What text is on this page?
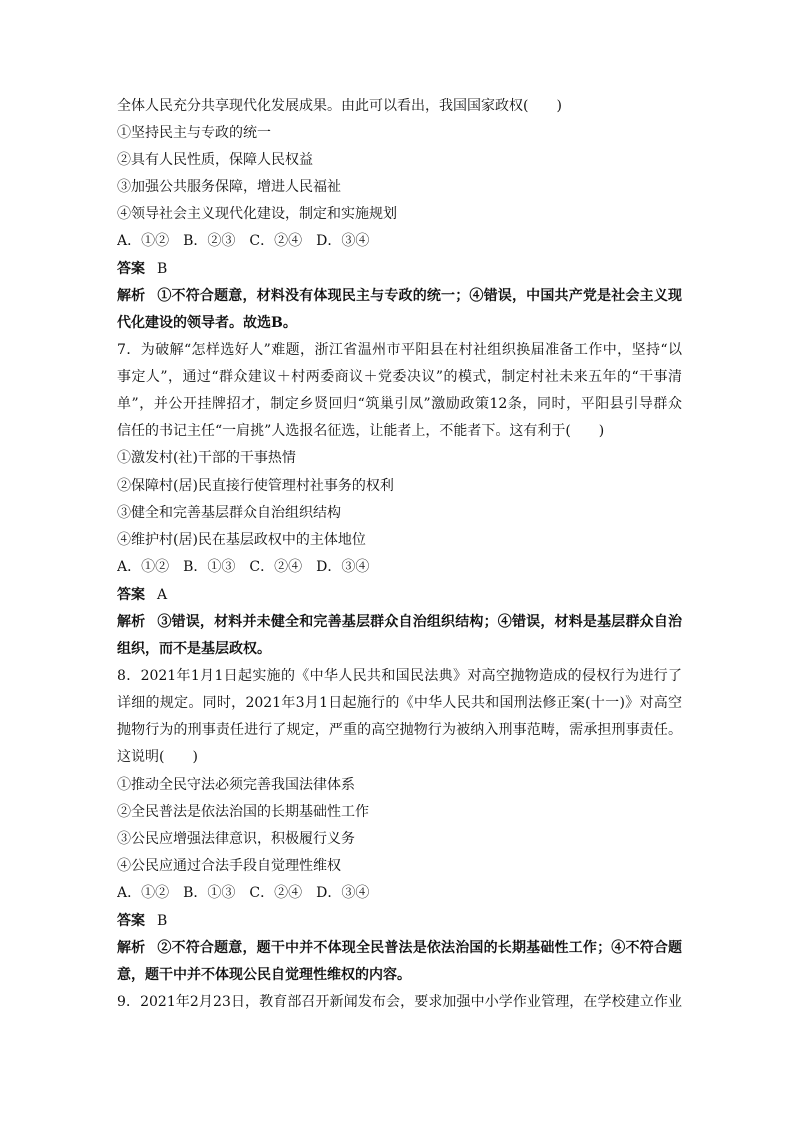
全体人民充分共享现代化发展成果。由此可以看出，我国国家政权(　　)
①坚持民主与专政的统一
②具有人民性质，保障人民权益
③加强公共服务保障，增进人民福祉
④领导社会主义现代化建设，制定和实施规划
A．①②　B．②③　C．②④　D．③④
答案 B
解析 ①不符合题意，材料没有体现民主与专政的统一；④错误，中国共产党是社会主义现
代化建设的领导者。故选B。
7．为破解“怎样选好人”难题，浙江省温州市平阳县在村社组织换届准备工作中，坚持“以
事定人”，通过“群众建议＋村两委商议＋党委决议”的模式，制定村社未来五年的“干事清
单”，并公开挂牌招才，制定乡贤回归“筑巢引凤”激励政策12条，同时，平阳县引导群众
信任的书记主任“一肩挑”人选报名征选，让能者上，不能者下。这有利于(　　)
①激发村(社)干部的干事热情
②保障村(居)民直接行使管理村社事务的权利
③健全和完善基层群众自治组织结构
④维护村(居)民在基层政权中的主体地位
A．①②　B．①③　C．②④　D．③④
答案 A
解析 ③错误，材料并未健全和完善基层群众自治组织结构；④错误，材料是基层群众自治
组织，而不是基层政权。
8．2021年1月1日起实施的《中华人民共和国民法典》对高空抛物造成的侵权行为进行了
详细的规定。同时，2021年3月1日起施行的《中华人民共和国刑法修正案(十一)》对高空
抛物行为的刑事责任进行了规定，严重的高空抛物行为被纳入刑事范畴，需承担刑事责任。
这说明(　　)
①推动全民守法必须完善我国法律体系
②全民普法是依法治国的长期基础性工作
③公民应增强法律意识，积极履行义务
④公民应通过合法手段自觉理性维权
A．①②　B．①③　C．②④　D．③④
答案 B
解析 ②不符合题意，题干中并不体现全民普法是依法治国的长期基础性工作；④不符合题
意，题干中并不体现公民自觉理性维权的内容。
9．2021年2月23日，教育部召开新闻发布会，要求加强中小学作业管理，在学校建立作业
